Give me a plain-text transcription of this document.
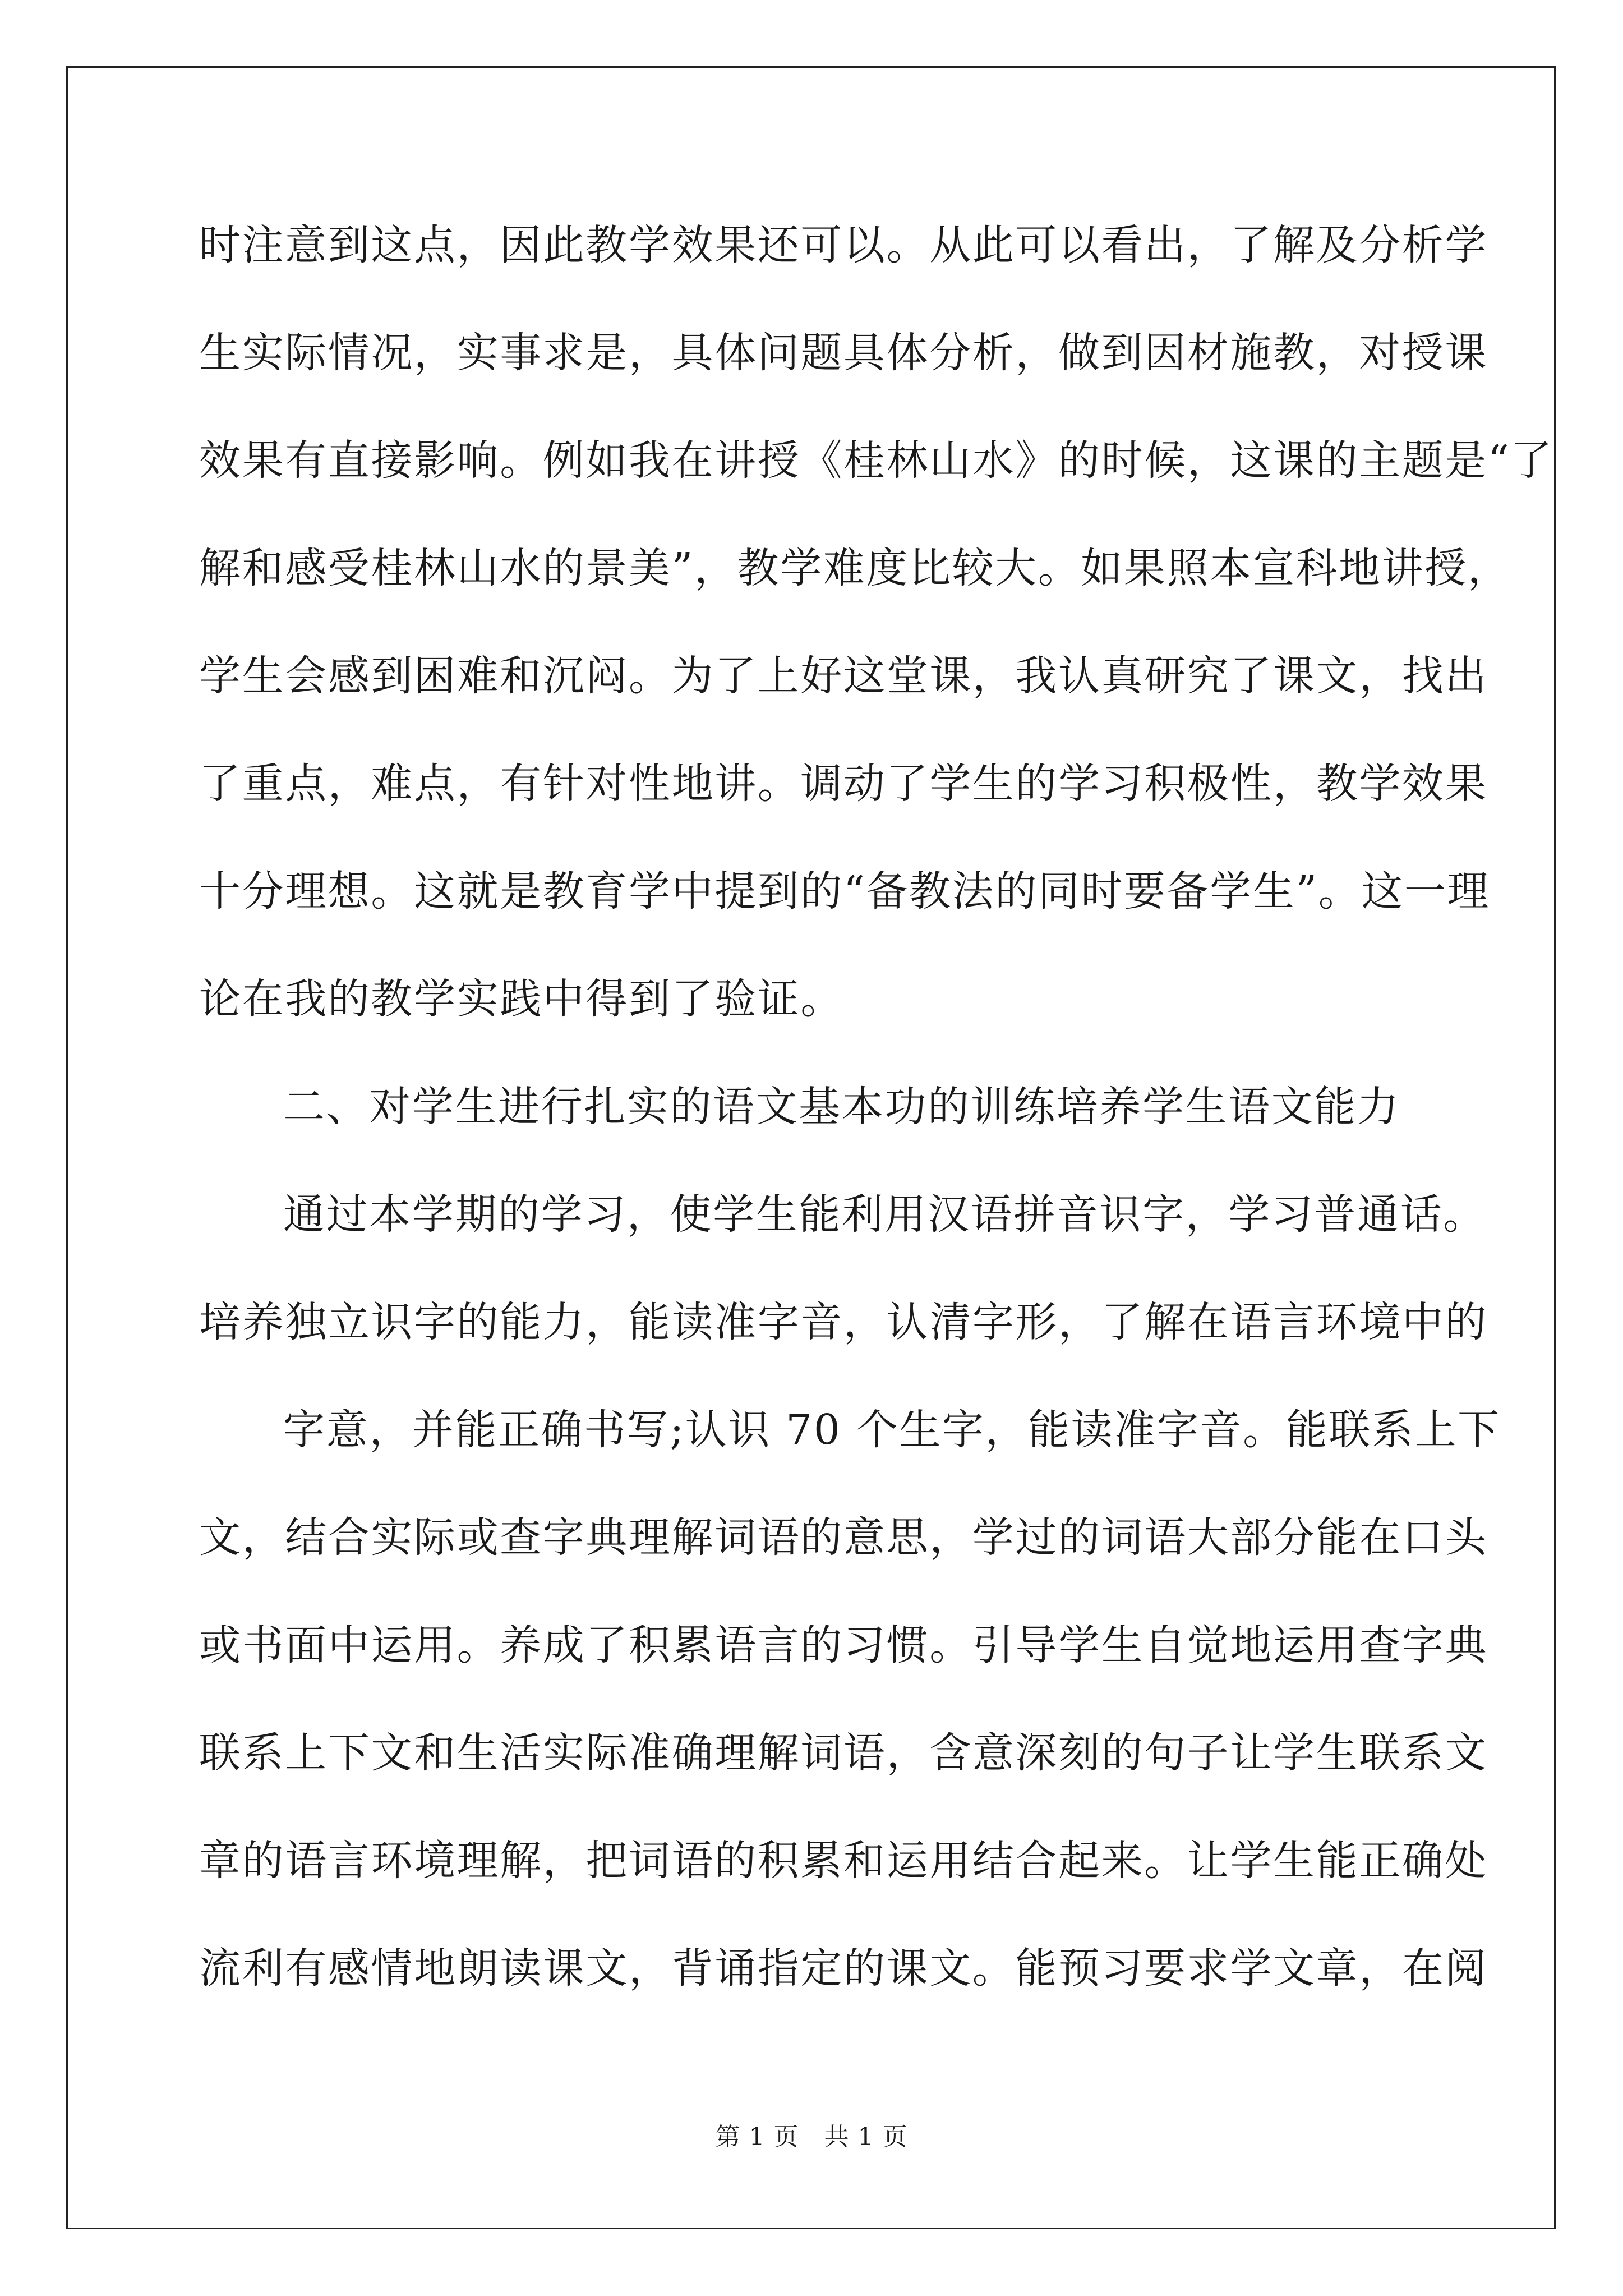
时注意到这点，因此教学效果还可以。从此可以看出，了解及分析学
生实际情况，实事求是，具体问题具体分析，做到因材施教，对授课
效果有直接影响。例如我在讲授《桂林山水》的时候，这课的主题是“了
解和感受桂林山水的景美”，教学难度比较大。如果照本宣科地讲授，
学生会感到困难和沉闷。为了上好这堂课，我认真研究了课文，找出
了重点，难点，有针对性地讲。调动了学生的学习积极性，教学效果
十分理想。这就是教育学中提到的“备教法的同时要备学生”。这一理
论在我的教学实践中得到了验证。
二、对学生进行扎实的语文基本功的训练培养学生语文能力
通过本学期的学习，使学生能利用汉语拼音识字，学习普通话。
培养独立识字的能力，能读准字音，认清字形，了解在语言环境中的
字意，并能正确书写;认识 70 个生字，能读准字音。能联系上下
文，结合实际或查字典理解词语的意思，学过的词语大部分能在口头
或书面中运用。养成了积累语言的习惯。引导学生自觉地运用查字典
联系上下文和生活实际准确理解词语，含意深刻的句子让学生联系文
章的语言环境理解，把词语的积累和运用结合起来。让学生能正确处
流利有感情地朗读课文，背诵指定的课文。能预习要求学文章，在阅
第 1 页　共 1 页
